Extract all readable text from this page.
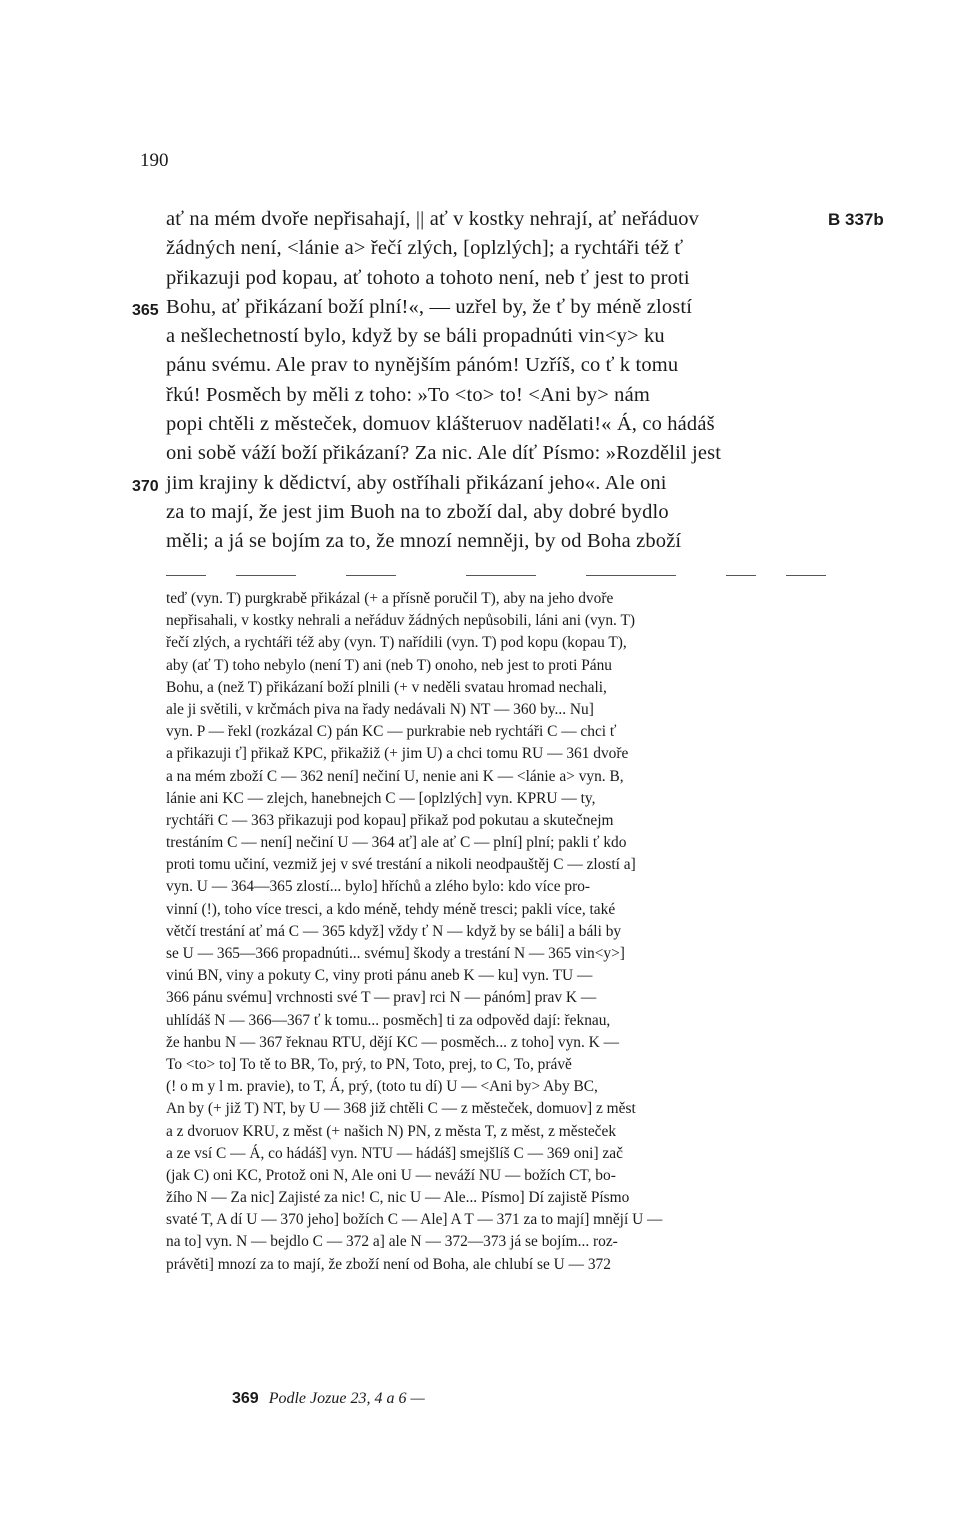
190
B 337b
365
370
ať na mém dvoře nepřisahají, || ať v kostky nehrají, ať neřáduov
žádných není, <lánie a> řečí zlých, [oplzlých]; a rychtáři též ť
přikazuji pod kopau, ať tohoto a tohoto není, neb ť jest to proti
Bohu, ať přikázaní boží plní!«, — uzřel by, že ť by méně zlostí
a nešlechetností bylo, když by se báli propadnúti vin<y> ku
pánu svému. Ale prav to nynějším pánóm! Uzříš, co ť k tomu
řkú! Posměch by měli z toho: »To <to> to! <Ani by> nám
popi chtěli z městeček, domuov klášteruov nadělati!« Á, co hádáš
oni sobě váží boží přikázaní? Za nic. Ale díť Písmo: »Rozdělil jest
jim krajiny k dědictví, aby ostříhali přikázaní jeho«. Ale oni
za to mají, že jest jim Buoh na to zboží dal, aby dobré bydlo
měli; a já se bojím za to, že mnozí nemněji, by od Boha zboží
teď (vyn. T) purgkrabě přikázal (+ a přísně poručil T), aby na jeho dvoře
nepřisahali, v kostky nehrali a neřáduv žádných nepůsobili, láni ani (vyn. T)
řečí zlých, a rychtáři též aby (vyn. T) nařídili (vyn. T) pod kopu (kopau T),
aby (ať T) toho nebylo (není T) ani (neb T) onoho, neb jest to proti Pánu
Bohu, a (než T) přikázaní boží plnili (+ v neděli svatau hromad nechali,
ale ji světili, v krčmách piva na řady nedávali N) NT — 360 by... Nu]
vyn. P — řekl (rozkázal C) pán KC — purkrabie neb rychtáři C — chci ť
a přikazuji ť] přikaž KPC, přikažiž (+ jim U) a chci tomu RU — 361 dvoře
a na mém zboží C — 362 není] nečiní U, nenie ani K — <lánie a> vyn. B,
lánie ani KC — zlejch, hanebnejch C — [oplzlých] vyn. KPRU — ty,
rychtáři C — 363 přikazuji pod kopau] přikaž pod pokutau a skutečnejm
trestáním C — není] nečiní U — 364 ať] ale ať C — plní] plní; pakli ť kdo
proti tomu učiní, vezmiž jej v své trestání a nikoli neodpauštěj C — zlostí a]
vyn. U — 364—365 zlostí... bylo] hříchů a zlého bylo: kdo více pro-
vinní (!), toho více tresci, a kdo méně, tehdy méně tresci; pakli více, také
větčí trestání ať má C — 365 když] vždy ť N — když by se báli] a báli by
se U — 365—366 propadnúti... svému] škody a trestání N — 365 vin<y>]
vinú BN, viny a pokuty C, viny proti pánu aneb K — ku] vyn. TU —
366 pánu svému] vrchnosti své T — prav] rci N — pánóm] prav K —
uhlídáš N — 366—367 ť k tomu... posměch] ti za odpověd dají: řeknau,
že hanbu N — 367 řeknau RTU, dějí KC — posměch... z toho] vyn. K —
To <to> to] To tě to BR, To, prý, to PN, Toto, prej, to C, To, právě
(! o m y l m. pravie), to T, Á, prý, (toto tu dí) U — <Ani by> Aby BC,
An by (+ již T) NT, by U — 368 již chtěli C — z městeček, domuov] z měst
a z dvoruov KRU, z měst (+ našich N) PN, z města T, z měst, z městeček
a ze vsí C — Á, co hádáš] vyn. NTU — hádáš] smejšlíš C — 369 oni] zač
(jak C) oni KC, Protož oni N, Ale oni U — neváží NU — božích CT, bo-
žího N — Za nic] Zajisté za nic! C, nic U — Ale... Písmo] Dí zajistě Písmo
svaté T, A dí U — 370 jeho] božích C — Ale] A T — 371 za to mají] mnějí U —
na to] vyn. N — bejdlo C — 372 a] ale N — 372—373 já se bojím... roz-
právěti] mnozí za to mají, že zboží není od Boha, ale chlubí se U — 372
369 Podle Jozue 23, 4 a 6 —
